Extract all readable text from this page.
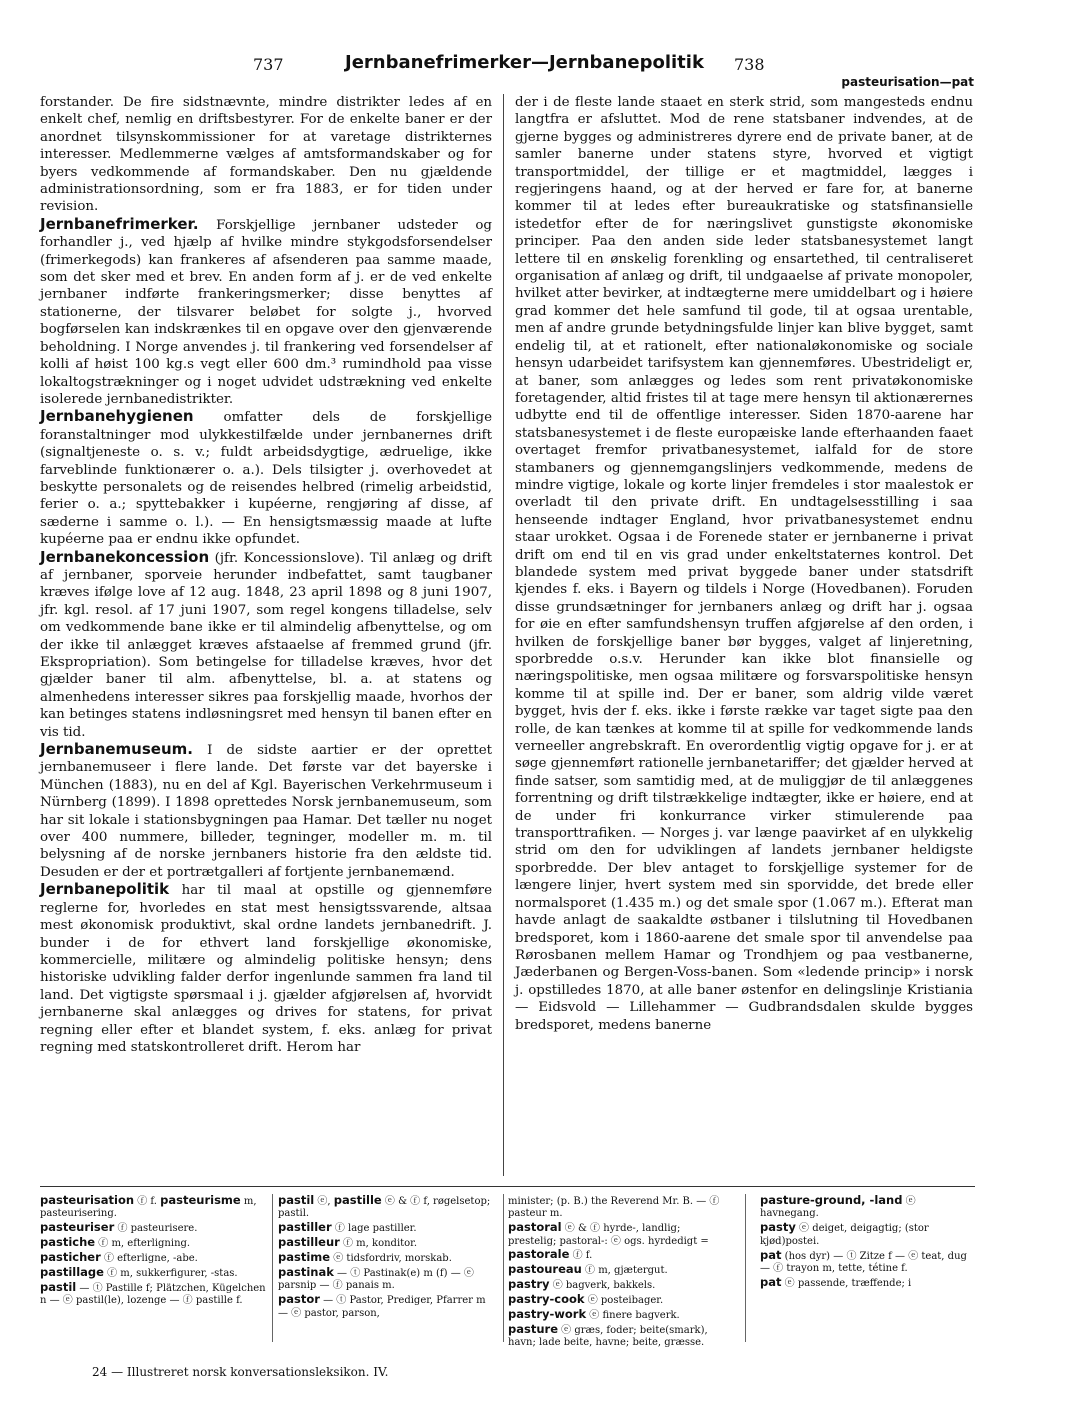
737	Jernbanefrimerker—Jernbanepolitik 738
pasteurisation—pat

forstander. De fire sidstnævnte, mindre distrikter ledes af en enkelt chef, nemlig en driftsbestyrer. For de enkelte baner er der anordnet tilsynskommissioner for at varetage distrikternes interesser. Medlemmerne vælges af amtsformandskaber og for byers vedkommende af formandskaber. Den nu gjældende administrationsordning, som er fra 1883, er for tiden under revision.

Jernbanefrimerker. Forskjellige jernbaner udsteder og forhandler j., ved hjælp af hvilke mindre stykgodsforsendelser (frimerkegods) kan frankeres af afsenderen paa samme maade, som det sker med et brev. En anden form af j. er de ved enkelte jernbaner indførte frankeringsmerker; disse benyttes af stationerne, der tilsvarer beløbet for solgte j., hvorved bogførselen kan indskrænkes til en opgave over den gjenværende beholdning. I Norge anvendes j. til frankering ved forsendelser af kolli af høist 100 kg.s vegt eller 600 dm.³ rumindhold paa visse lokaltogstrækninger og i noget udvidet udstrækning ved enkelte isolerede jernbanedistrikter.

Jernbanehygienen omfatter dels de forskjellige foranstaltninger mod ulykkestilfælde under jernbanernes drift (signaltjeneste o. s. v.; fuldt arbeidsdygtige, ædruelige, ikke farveblinde funktionærer o. a.). Dels tilsigter j. overhovedet at beskytte personalets og de reisendes helbred (rimelig arbeidstid, ferier o. a.; spyttebakker i kupéerne, rengjøring af disse, af sæderne i samme o. l.). — En hensigtsmæssig maade at lufte kupéerne paa er endnu ikke opfundet.

Jernbanekoncession (jfr. Koncessionslove). Til anlæg og drift af jernbaner, sporveie herunder indbefattet, samt taugbaner kræves ifølge love af 12 aug. 1848, 23 april 1898 og 8 juni 1907, jfr. kgl. resol. af 17 juni 1907, som regel kongens tilladelse, selv om vedkommende bane ikke er til almindelig afbenyttelse, og om der ikke til anlægget kræves afstaaelse af fremmed grund (jfr. Ekspropriation). Som betingelse for tilladelse kræves, hvor det gjælder baner til alm. afbenyttelse, bl. a. at statens og almenhedens interesser sikres paa forskjellig maade, hvorhos der kan betinges statens indløsningsret med hensyn til banen efter en vis tid.

Jernbanemuseum. I de sidste aartier er der oprettet jernbanemuseer i flere lande. Det første var det bayerske i München (1883), nu en del af Kgl. Bayerischen Verkehrmuseum i Nürnberg (1899). I 1898 oprettedes Norsk jernbanemuseum, som har sit lokale i stationsbygningen paa Hamar. Det tæller nu noget over 400 nummere, billeder, tegninger, modeller m. m. til belysning af de norske jernbaners historie fra den ældste tid. Desuden er der et portrætgalleri af fortjente jernbanemænd.

Jernbanepolitik har til maal at opstille og gjennemføre reglerne for, hvorledes en stat mest hensigtssvarende, altsaa mest økonomisk produktivt, skal ordne landets jernbanedrift. J. bunder i de for ethvert land forskjellige økonomiske, kommercielle, militære og almindelig politiske hensyn; dens historiske udvikling falder derfor ingenlunde sammen fra land til land. Det vigtigste spørsmaal i j. gjælder afgjørelsen af, hvorvidt jernbanerne skal anlægges og drives for statens, for privat regning eller efter et blandet system, f. eks. anlæg for privat regning med statskontrolleret drift. Herom har

der i de fleste lande staaet en sterk strid, som mangesteds endnu langtfra er afsluttet. Mod de rene statsbaner indvendes, at de gjerne bygges og administreres dyrere end de private baner, at de samler banerne under statens styre, hvorved et vigtigt transportmiddel, der tillige er et magtmiddel, lægges i regjeringens haand, og at der herved er fare for, at banerne kommer til at ledes efter bureaukratiske og statsfinansielle istedetfor efter de for næringslivet gunstigste økonomiske principer. Paa den anden side leder statsbanesystemet langt lettere til en ønskelig forenkling og ensartethed, til centraliseret organisation af anlæg og drift, til undgaaelse af private monopoler, hvilket atter bevirker, at indtægterne mere umiddelbart og i høiere grad kommer det hele samfund til gode, til at ogsaa urentable, men af andre grunde betydningsfulde linjer kan blive bygget, samt endelig til, at et rationelt, efter nationaløkonomiske og sociale hensyn udarbeidet tarifsystem kan gjennemføres. Ubestrideligt er, at baner, som anlægges og ledes som rent privatøkonomiske foretagender, altid fristes til at tage mere hensyn til aktionærernes udbytte end til de offentlige interesser. Siden 1870-aarene har statsbanesystemet i de fleste europæiske lande efterhaanden faaet overtaget fremfor privatbanesystemet, ialfald for de store stambaners og gjennemgangslinjers vedkommende, medens de mindre vigtige, lokale og korte linjer fremdeles i stor maalestok er overladt til den private drift. En undtagelsesstilling i saa henseende indtager England, hvor privatbanesystemet endnu staar urokket. Ogsaa i de Forenede stater er jernbanerne i privat drift om end til en vis grad under enkeltstaternes kontrol. Det blandede system med privat byggede baner under statsdrift kjendes f. eks. i Bayern og tildels i Norge (Hovedbanen). Foruden disse grundsætninger for jernbaners anlæg og drift har j. ogsaa for øie en efter samfundshensyn truffen afgjørelse af den orden, i hvilken de forskjellige baner bør bygges, valget af linjeretning, sporbredde o.s.v. Herunder kan ikke blot finansielle og næringspolitiske, men ogsaa militære og forsvarspolitiske hensyn komme til at spille ind. Der er baner, som aldrig vilde været bygget, hvis der f. eks. ikke i første række var taget sigte paa den rolle, de kan tænkes at komme til at spille for vedkommende lands verneeller angrebskraft. En overordentlig vigtig opgave for j. er at søge gjennemført rationelle jernbanetariffer; det gjælder herved at finde satser, som samtidig med, at de muliggjør de til anlæggenes forrentning og drift tilstrækkelige indtægter, ikke er høiere, end at de under fri konkurrance virker stimulerende paa transporttrafiken. — Norges j. var længe paavirket af en ulykkelig strid om den for udviklingen af landets jernbaner heldigste sporbredde. Der blev antaget to forskjellige systemer for de længere linjer, hvert system med sin sporvidde, det brede eller normalsporet (1.435 m.) og det smale spor (1.067 m.). Efterat man havde anlagt de saakaldte østbaner i tilslutning til Hovedbanen bredsporet, kom i 1860-aarene det smale spor til anvendelse paa Rørosbanen mellem Hamar og Trondhjem og paa vestbanerne, Jæderbanen og Bergen-Voss-banen. Som «ledende princip» i norsk j. opstilledes 1870, at alle baner østenfor en delingslinje Kristiania — Eidsvold — Lillehammer — Gudbrandsdalen skulde bygges bredsporet, medens banerne

pasteurisation ⓕ f. pasteurisme m, pasteurisering.

pasteuriser ⓕ pasteurisere.

pastiche ⓕ m, efterligning.

pasticher ⓕ efterligne, -abe.

pastillage ⓕ m, sukkerfigurer, -stas.

pastil — ⓣ Pastille f; Plätzchen, Kügelchen n — ⓔ pastil(le), lozenge — ⓕ pastille f.

pastil ⓔ, pastille ⓔ & ⓕ f, røgelsetop; pastil.

pastiller ⓕ lage pastiller.

pastilleur ⓕ m, konditor.

pastime ⓔ tidsfordriv, morskab.

pastinak — ⓣ Pastinak(e) m (f) — ⓔ parsnip — ⓕ panais m.

pastor — ⓣ Pastor, Prediger, Pfarrer m — ⓔ pastor, parson,

minister; (p. B.) the Reverend Mr. B. — ⓕ pasteur m.

pastoral ⓔ & ⓕ hyrde-, landlig; prestelig; pastoral-: ⓔ ogs. hyrdedigt = pastorale ⓕ f.

pastoureau ⓕ m, gjætergut.

pastry ⓔ bagverk, bakkels.

pastry-cook ⓔ posteibager.

pastry-work ⓔ finere bagverk.

pasture ⓔ græs, foder; beite(smark), havn; lade beite, havne; beite, græsse.

pasture-ground, -land ⓔ havnegang.

pasty ⓔ deiget, deigagtig; (stor kjød)postei.

pat (hos dyr) — ⓣ Zitze f — ⓔ teat, dug — ⓕ trayon m, tette, tétine f.

pat ⓔ passende, træffende; i

24 — Illustreret norsk konversationsleksikon. IV.
